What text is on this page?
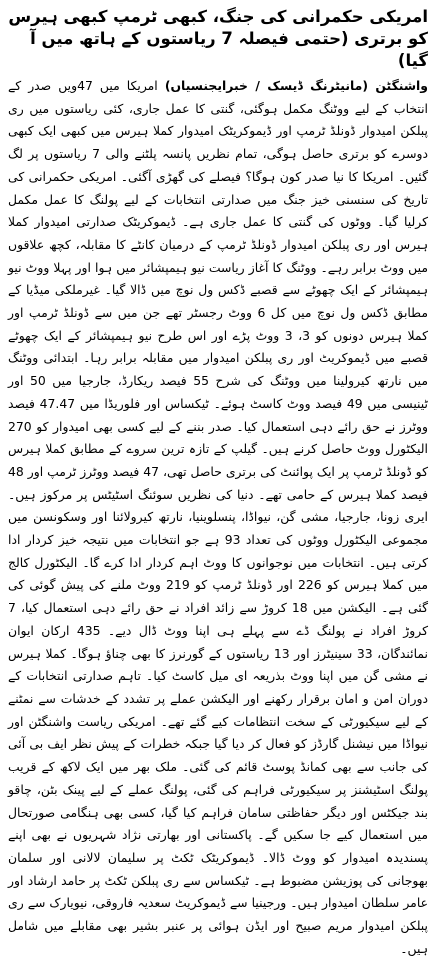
امریکی حکمرانی کی جنگ، کبھی ٹرمپ کبھی ہیرس کو برتری (حتمی فیصلہ 7 ریاستوں کے ہاتھ میں آ گیا)

واشنگٹن (مانیٹرنگ ڈیسک / خبرایجنسیاں) امریکا میں 47ویں صدر کے انتخاب کے لیے ووٹنگ مکمل ہوگئی، گنتی کا عمل جاری، کئی ریاستوں میں ری پبلکن امیدوار ڈونلڈ ٹرمپ اور ڈیموکریٹک امیدوار کملا ہیرس میں کبھی ایک کبھی دوسرے کو برتری حاصل ہوگی، تمام نظریں پانسہ پلٹنے والی 7 ریاستوں پر لگ گئیں۔ امریکا کا نیا صدر کون ہوگا؟ فیصلے کی گھڑی آگئی۔ امریکی حکمرانی کی تاریخ کی سنسنی خیز جنگ میں صدارتی انتخابات کے لیے پولنگ کا عمل مکمل کرلیا گیا۔ ووٹوں کی گنتی کا عمل جاری ہے۔ ڈیموکریٹک صدارتی امیدوار کملا ہیرس اور ری پبلکن امیدوار ڈونلڈ ٹرمپ کے درمیان کانٹے کا مقابلہ، کچھ علاقوں میں ووٹ برابر رہے۔ ووٹنگ کا آغاز ریاست نیو ہیمپشائر میں ہوا اور پہلا ووٹ نیو ہیمپشائر کے ایک چھوٹے سے قصبے ڈکس ول نوچ میں ڈالا گیا۔ غیرملکی میڈیا کے مطابق ڈکس ول نوچ میں کل 6 ووٹ رجسٹر تھے جن میں سے ڈونلڈ ٹرمپ اور کملا ہیرس دونوں کو 3، 3 ووٹ پڑے اور اس طرح نیو ہیمپشائر کے ایک چھوٹے قصبے میں ڈیموکریٹ اور ری پبلکن امیدوار میں مقابلہ برابر رہا۔ ابتدائی ووٹنگ میں نارتھ کیرولینا میں ووٹنگ کی شرح 55 فیصد ریکارڈ، جارجیا میں 50 اور ٹینیسی میں 49 فیصد ووٹ کاسٹ ہوئے۔ ٹیکساس اور فلوریڈا میں 47.47 فیصد ووٹرز نے حق رائے دہی استعمال کیا۔ صدر بننے کے لیے کسی بھی امیدوار کو 270 الیکٹورل ووٹ حاصل کرنے ہیں۔ گیلپ کے تازہ ترین سروے کے مطابق کملا ہیرس کو ڈونلڈ ٹرمپ پر ایک پوائنٹ کی برتری حاصل تھی، 47 فیصد ووٹرز ٹرمپ اور 48 فیصد کملا ہیرس کے حامی تھے۔ دنیا کی نظریں سوئنگ اسٹیٹس پر مرکوز ہیں۔ ایری زونا، جارجیا، مشی گن، نیواڈا، پنسلوینیا، نارتھ کیرولائنا اور وسکونسن میں مجموعی الیکٹورل ووٹوں کی تعداد 93 ہے جو انتخابات میں نتیجہ خیز کردار ادا کرتی ہیں۔ انتخابات میں نوجوانوں کا ووٹ اہم کردار ادا کرے گا۔ الیکٹورل کالج میں کملا ہیرس کو 226 اور ڈونلڈ ٹرمپ کو 219 ووٹ ملنے کی پیش گوئی کی گئی ہے۔ الیکشن میں 18 کروڑ سے زائد افراد نے حق رائے دہی استعمال کیا، 7 کروڑ افراد نے پولنگ ڈے سے پہلے ہی اپنا ووٹ ڈال دیے۔ 435 ارکان ایوان نمائندگان، 33 سینیٹرز اور 13 ریاستوں کے گورنرز کا بھی چناؤ ہوگا۔ کملا ہیرس نے مشی گن میں اپنا ووٹ بذریعہ ای میل کاسٹ کیا۔ تاہم صدارتی انتخابات کے دوران امن و امان برقرار رکھنے اور الیکشن عملے پر تشدد کے خدشات سے نمٹنے کے لیے سیکیورٹی کے سخت انتظامات کیے گئے تھے۔ امریکی ریاست واشنگٹن اور نیواڈا میں نیشنل گارڈز کو فعال کر دیا گیا جبکہ خطرات کے پیش نظر ایف بی آئی کی جانب سے بھی کمانڈ پوسٹ قائم کی گئی۔ ملک بھر میں ایک لاکھ کے قریب پولنگ اسٹیشنز پر سیکیورٹی فراہم کی گئی، پولنگ عملے کے لیے پینک بٹن، چاقو بند جیکٹس اور دیگر حفاظتی سامان فراہم کیا گیا، کسی بھی ہنگامی صورتحال میں استعمال کیے جا سکیں گے۔ پاکستانی اور بھارتی نژاد شہریوں نے بھی اپنے پسندیدہ امیدوار کو ووٹ ڈالا۔ ڈیموکریٹک ٹکٹ پر سلیمان لالانی اور سلمان بھوجانی کی پوزیشن مضبوط ہے۔ ٹیکساس سے ری پبلکن ٹکٹ پر حامد ارشاد اور عامر سلطان امیدوار ہیں۔ ورجینیا سے ڈیموکریٹ سعدیہ فاروقی، نیویارک سے ری پبلکن امیدوار مریم صبیح اور ایڈن ہوائی پر عنبر بشیر بھی مقابلے میں شامل ہیں۔
